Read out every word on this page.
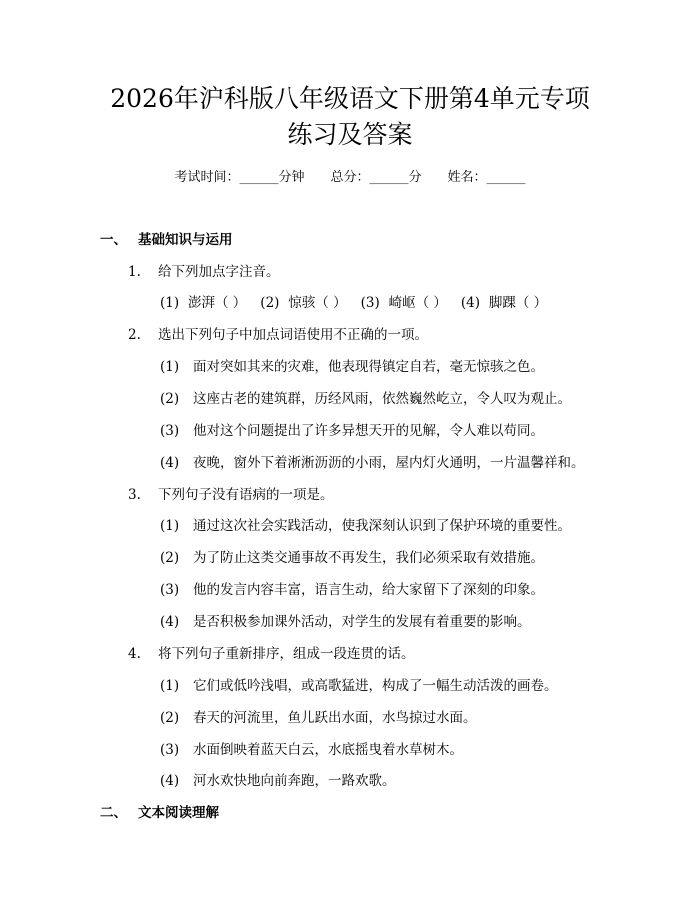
2026年沪科版八年级语文下册第4单元专项
练习及答案
考试时间：______分钟 总分：______分 姓名：______
一、 基础知识与运用
1. 给下列加点字注音。
(1) 澎湃（ ） (2) 惊骇（ ） (3) 崎岖（ ） (4) 脚踝（ ）
2. 选出下列句子中加点词语使用不正确的一项。
(1) 面对突如其来的灾难，他表现得镇定自若，毫无惊骇之色。
(2) 这座古老的建筑群，历经风雨，依然巍然屹立，令人叹为观止。
(3) 他对这个问题提出了许多异想天开的见解，令人难以苟同。
(4) 夜晚，窗外下着淅淅沥沥的小雨，屋内灯火通明，一片温馨祥和。
3. 下列句子没有语病的一项是。
(1) 通过这次社会实践活动，使我深刻认识到了保护环境的重要性。
(2) 为了防止这类交通事故不再发生，我们必须采取有效措施。
(3) 他的发言内容丰富，语言生动，给大家留下了深刻的印象。
(4) 是否积极参加课外活动，对学生的发展有着重要的影响。
4. 将下列句子重新排序，组成一段连贯的话。
(1) 它们或低吟浅唱，或高歌猛进，构成了一幅生动活泼的画卷。
(2) 春天的河流里，鱼儿跃出水面，水鸟掠过水面。
(3) 水面倒映着蓝天白云，水底摇曳着水草树木。
(4) 河水欢快地向前奔跑，一路欢歌。
二、 文本阅读理解
